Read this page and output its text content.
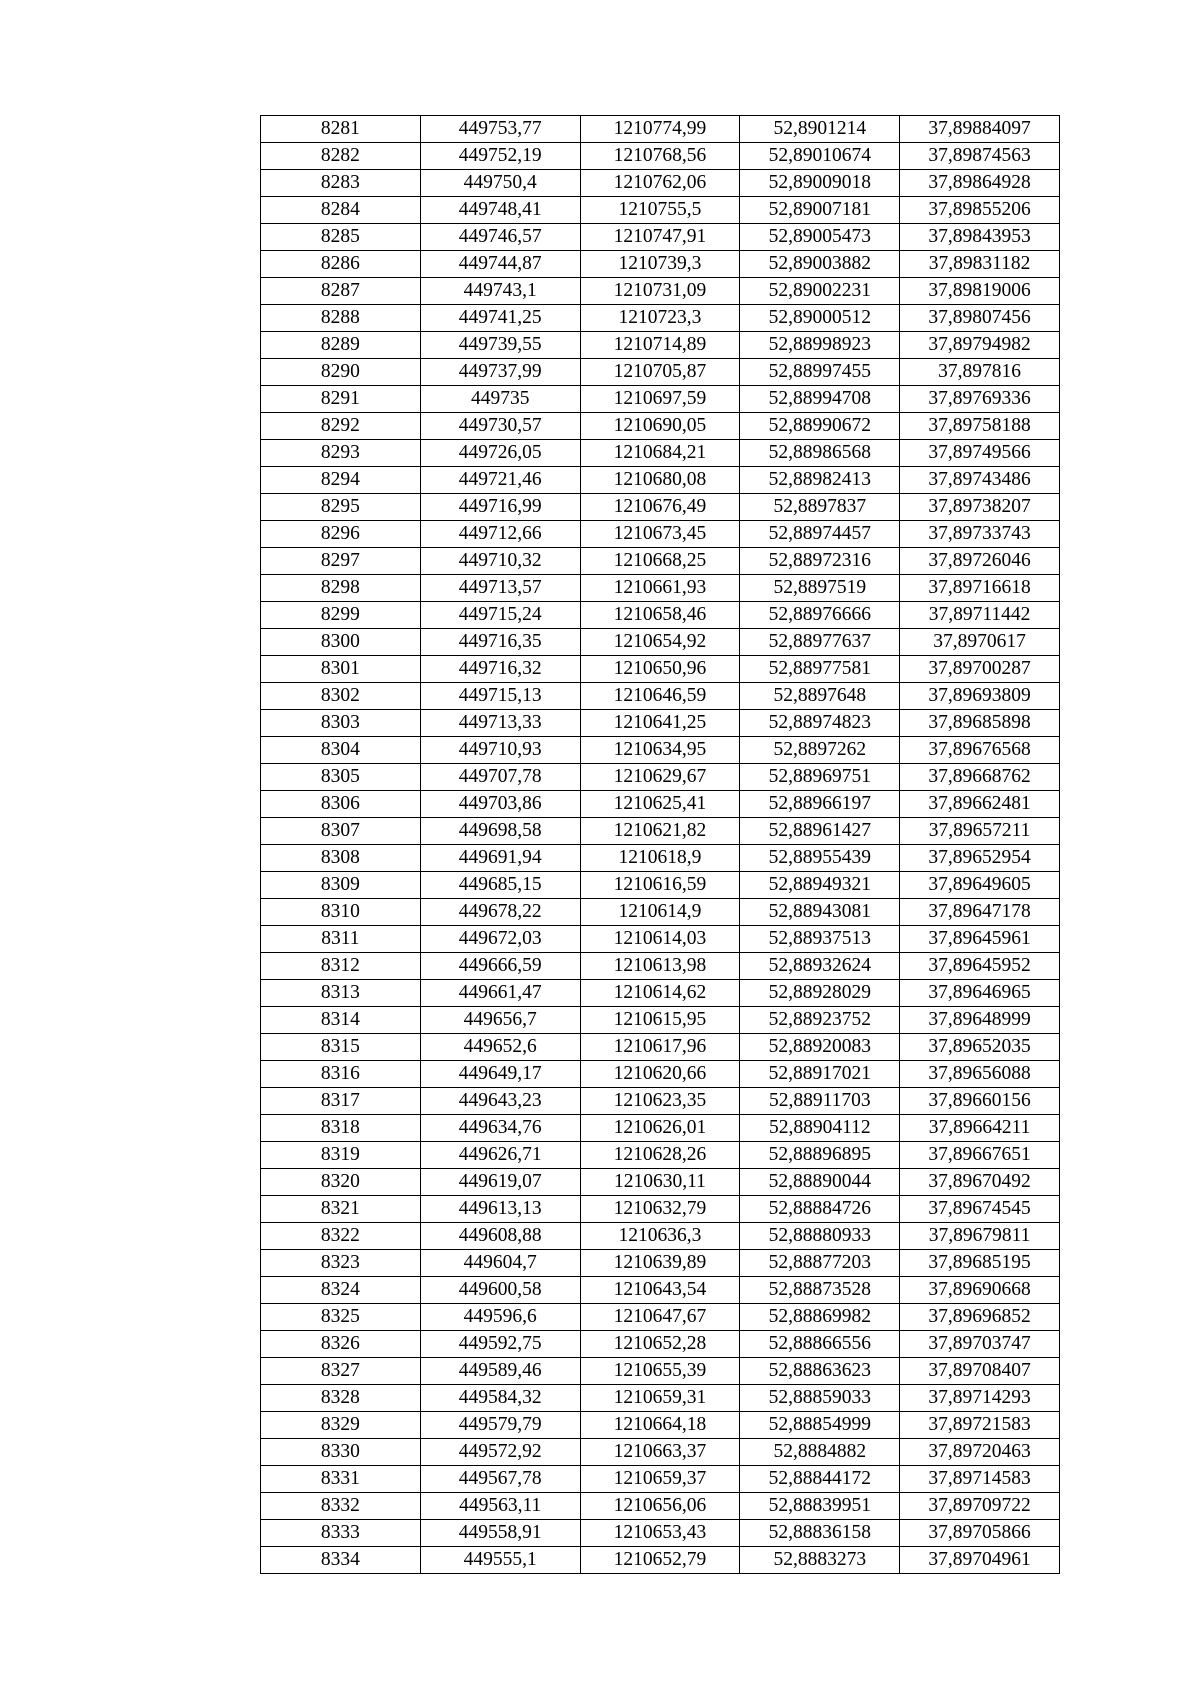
8281	449753,77	1210774,99	52,8901214	37,89884097
8282	449752,19	1210768,56	52,89010674	37,89874563
8283	449750,4	1210762,06	52,89009018	37,89864928
8284	449748,41	1210755,5	52,89007181	37,89855206
8285	449746,57	1210747,91	52,89005473	37,89843953
8286	449744,87	1210739,3	52,89003882	37,89831182
8287	449743,1	1210731,09	52,89002231	37,89819006
8288	449741,25	1210723,3	52,89000512	37,89807456
8289	449739,55	1210714,89	52,88998923	37,89794982
8290	449737,99	1210705,87	52,88997455	37,897816
8291	449735	1210697,59	52,88994708	37,89769336
8292	449730,57	1210690,05	52,88990672	37,89758188
8293	449726,05	1210684,21	52,88986568	37,89749566
8294	449721,46	1210680,08	52,88982413	37,89743486
8295	449716,99	1210676,49	52,8897837	37,89738207
8296	449712,66	1210673,45	52,88974457	37,89733743
8297	449710,32	1210668,25	52,88972316	37,89726046
8298	449713,57	1210661,93	52,8897519	37,89716618
8299	449715,24	1210658,46	52,88976666	37,89711442
8300	449716,35	1210654,92	52,88977637	37,8970617
8301	449716,32	1210650,96	52,88977581	37,89700287
8302	449715,13	1210646,59	52,8897648	37,89693809
8303	449713,33	1210641,25	52,88974823	37,89685898
8304	449710,93	1210634,95	52,8897262	37,89676568
8305	449707,78	1210629,67	52,88969751	37,89668762
8306	449703,86	1210625,41	52,88966197	37,89662481
8307	449698,58	1210621,82	52,88961427	37,89657211
8308	449691,94	1210618,9	52,88955439	37,89652954
8309	449685,15	1210616,59	52,88949321	37,89649605
8310	449678,22	1210614,9	52,88943081	37,89647178
8311	449672,03	1210614,03	52,88937513	37,89645961
8312	449666,59	1210613,98	52,88932624	37,89645952
8313	449661,47	1210614,62	52,88928029	37,89646965
8314	449656,7	1210615,95	52,88923752	37,89648999
8315	449652,6	1210617,96	52,88920083	37,89652035
8316	449649,17	1210620,66	52,88917021	37,89656088
8317	449643,23	1210623,35	52,88911703	37,89660156
8318	449634,76	1210626,01	52,88904112	37,89664211
8319	449626,71	1210628,26	52,88896895	37,89667651
8320	449619,07	1210630,11	52,88890044	37,89670492
8321	449613,13	1210632,79	52,88884726	37,89674545
8322	449608,88	1210636,3	52,88880933	37,89679811
8323	449604,7	1210639,89	52,88877203	37,89685195
8324	449600,58	1210643,54	52,88873528	37,89690668
8325	449596,6	1210647,67	52,88869982	37,89696852
8326	449592,75	1210652,28	52,88866556	37,89703747
8327	449589,46	1210655,39	52,88863623	37,89708407
8328	449584,32	1210659,31	52,88859033	37,89714293
8329	449579,79	1210664,18	52,88854999	37,89721583
8330	449572,92	1210663,37	52,8884882	37,89720463
8331	449567,78	1210659,37	52,88844172	37,89714583
8332	449563,11	1210656,06	52,88839951	37,89709722
8333	449558,91	1210653,43	52,88836158	37,89705866
8334	449555,1	1210652,79	52,8883273	37,89704961
